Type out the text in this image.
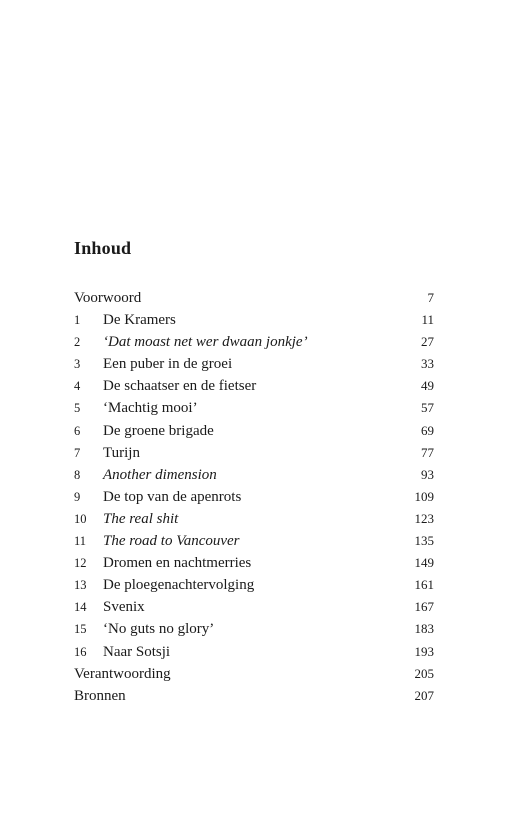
Inhoud
Voorwoord	7
1 De Kramers	11
2 ‘Dat moast net wer dwaan jonkje’	27
3 Een puber in de groei	33
4 De schaatser en de fietser	49
5 ‘Machtig mooi’	57
6 De groene brigade	69
7 Turijn	77
8 Another dimension	93
9 De top van de apenrots	109
10 The real shit	123
11 The road to Vancouver	135
12 Dromen en nachtmerries	149
13 De ploegenachtervolging	161
14 Svenix	167
15 ‘No guts no glory’	183
16 Naar Sotsji	193
Verantwoording	205
Bronnen	207
